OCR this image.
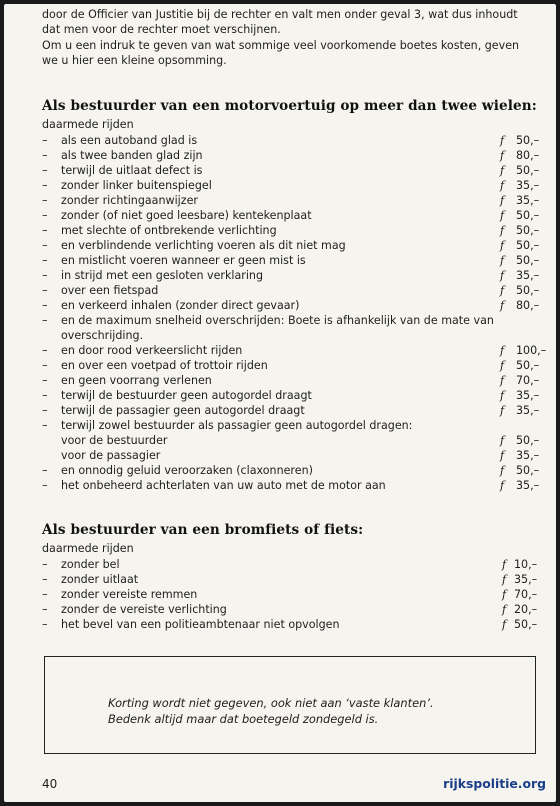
door de Officier van Justitie bij de rechter en valt men onder geval 3, wat dus inhoudt
dat men voor de rechter moet verschijnen.
Om u een indruk te geven van wat sommige veel voorkomende boetes kosten, geven
we u hier een kleine opsomming.
Als bestuurder van een motorvoertuig op meer dan twee wielen:
daarmede rijden
– als een autoband glad is	f 50,–
– als twee banden glad zijn	f 80,–
– terwijl de uitlaat defect is	f 50,–
– zonder linker buitenspiegel	f 35,–
– zonder richtingaanwijzer	f 35,–
– zonder (of niet goed leesbare) kentekenplaat	f 50,–
– met slechte of ontbrekende verlichting	f 50,–
– en verblindende verlichting voeren als dit niet mag	f 50,–
– en mistlicht voeren wanneer er geen mist is	f 50,–
– in strijd met een gesloten verklaring	f 35,–
– over een fietspad	f 50,–
– en verkeerd inhalen (zonder direct gevaar)	f 80,–
– en de maximum snelheid overschrijden: Boete is afhankelijk van de mate van
overschrijding.
– en door rood verkeerslicht rijden	f 100,–
– en over een voetpad of trottoir rijden	f 50,–
– en geen voorrang verlenen	f 70,–
– terwijl de bestuurder geen autogordel draagt	f 35,–
– terwijl de passagier geen autogordel draagt	f 35,–
– terwijl zowel bestuurder als passagier geen autogordel dragen:
voor de bestuurder	f 50,–
voor de passagier	f 35,–
– en onnodig geluid veroorzaken (claxonneren)	f 50,–
– het onbeheerd achterlaten van uw auto met de motor aan	f 35,–
Als bestuurder van een bromfiets of fiets:
daarmede rijden
– zonder bel	f 10,–
– zonder uitlaat	f 35,–
– zonder vereiste remmen	f 70,–
– zonder de vereiste verlichting	f 20,–
– het bevel van een politieambtenaar niet opvolgen	f 50,–
Korting wordt niet gegeven, ook niet aan ‘vaste klanten’.
Bedenk altijd maar dat boetegeld zondegeld is.
40	rijkspolitie.org
